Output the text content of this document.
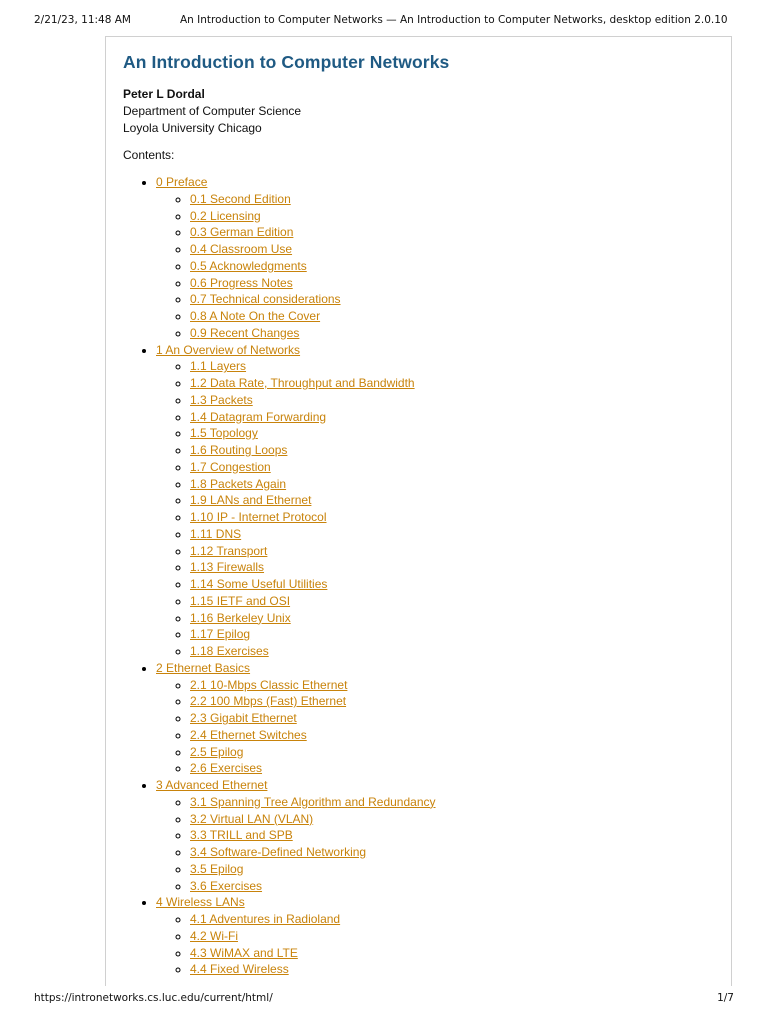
2/21/23, 11:48 AM	An Introduction to Computer Networks — An Introduction to Computer Networks, desktop edition 2.0.10
An Introduction to Computer Networks
Peter L Dordal
Department of Computer Science
Loyola University Chicago
Contents:
• 0 Preface
◦ 0.1 Second Edition
◦ 0.2 Licensing
◦ 0.3 German Edition
◦ 0.4 Classroom Use
◦ 0.5 Acknowledgments
◦ 0.6 Progress Notes
◦ 0.7 Technical considerations
◦ 0.8 A Note On the Cover
◦ 0.9 Recent Changes
• 1 An Overview of Networks
◦ 1.1 Layers
◦ 1.2 Data Rate, Throughput and Bandwidth
◦ 1.3 Packets
◦ 1.4 Datagram Forwarding
◦ 1.5 Topology
◦ 1.6 Routing Loops
◦ 1.7 Congestion
◦ 1.8 Packets Again
◦ 1.9 LANs and Ethernet
◦ 1.10 IP - Internet Protocol
◦ 1.11 DNS
◦ 1.12 Transport
◦ 1.13 Firewalls
◦ 1.14 Some Useful Utilities
◦ 1.15 IETF and OSI
◦ 1.16 Berkeley Unix
◦ 1.17 Epilog
◦ 1.18 Exercises
• 2 Ethernet Basics
◦ 2.1 10-Mbps Classic Ethernet
◦ 2.2 100 Mbps (Fast) Ethernet
◦ 2.3 Gigabit Ethernet
◦ 2.4 Ethernet Switches
◦ 2.5 Epilog
◦ 2.6 Exercises
• 3 Advanced Ethernet
◦ 3.1 Spanning Tree Algorithm and Redundancy
◦ 3.2 Virtual LAN (VLAN)
◦ 3.3 TRILL and SPB
◦ 3.4 Software-Defined Networking
◦ 3.5 Epilog
◦ 3.6 Exercises
• 4 Wireless LANs
◦ 4.1 Adventures in Radioland
◦ 4.2 Wi-Fi
◦ 4.3 WiMAX and LTE
◦ 4.4 Fixed Wireless
https://intronetworks.cs.luc.edu/current/html/	1/7
